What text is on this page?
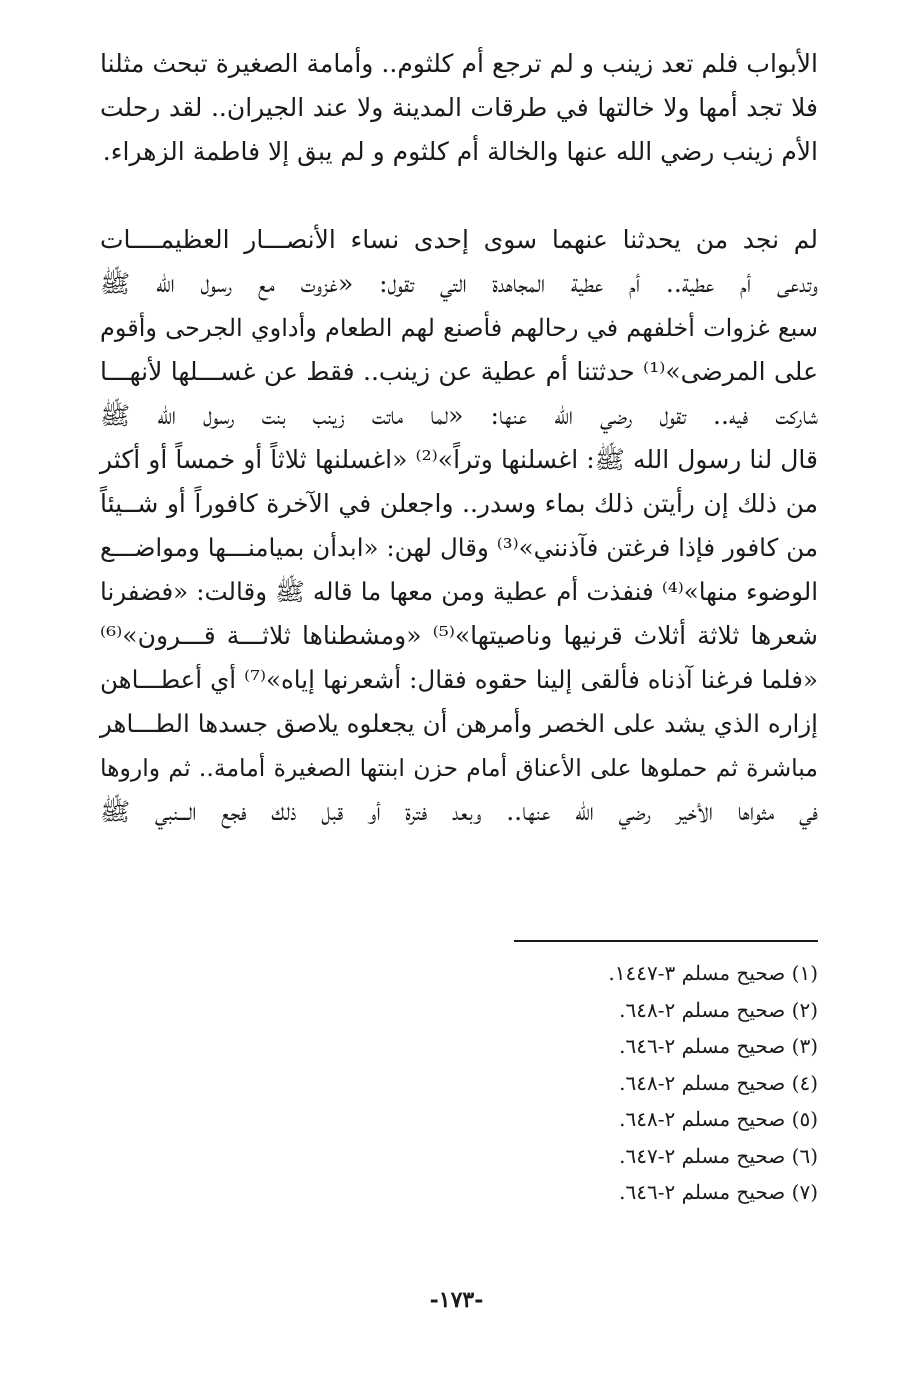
الأبواب فلم تعد زينب و لم ترجع أم كلثوم.. وأمامة الصغيرة تبحث مثلنا
فلا تجد أمها ولا خالتها في طرقات المدينة ولا عند الجيران.. لقد رحلت
الأم زينب رضي الله عنها والخالة أم كلثوم و لم يبق إلا فاطمة الزهراء.
لم نجد من يحدثنا عنهما سوى إحدى نساء الأنصـــار العظيمــــات
وتدعى أم عطية.. أم عطية المجاهدة التي تقول: «غزوت مع رسول الله ﷺ
سبع غزوات أخلفهم في رحالهم فأصنع لهم الطعام وأداوي الجرحى وأقوم
على المرضى»⁽¹⁾ حدثتنا أم عطية عن زينب.. فقط عن غســـلها لأنهـــا
شاركت فيه.. تقول رضي الله عنها: «لما ماتت زينب بنت رسول الله ﷺ
قال لنا رسول الله ﷺ: اغسلنها وتراً»⁽²⁾ «اغسلنها ثلاثاً أو خمساً أو أكثر
من ذلك إن رأيتن ذلك بماء وسدر.. واجعلن في الآخرة كافوراً أو شــيئاً
من كافور فإذا فرغتن فآذنني»⁽³⁾ وقال لهن: «ابدأن بميامنـــها ومواضـــع
الوضوء منها»⁽⁴⁾ فنفذت أم عطية ومن معها ما قاله ﷺ وقالت: «فضفرنا
شعرها ثلاثة أثلاث قرنيها وناصيتها»⁽⁵⁾ «ومشطناها ثلاثـــة قـــرون»⁽⁶⁾
«فلما فرغنا آذناه فألقى إلينا حقوه فقال: أشعرنها إياه»⁽⁷⁾ أي أعطـــاهن
إزاره الذي يشد على الخصر وأمرهن أن يجعلوه يلاصق جسدها الطـــاهر
مباشرة ثم حملوها على الأعناق أمام حزن ابنتها الصغيرة أمامة.. ثم واروها
في مثواها الأخير رضي الله عنها.. وبعد فترة أو قبل ذلك فجع الـــنبي ﷺ
(١) صحيح مسلم ٣-١٤٤٧.
(٢) صحيح مسلم ٢-٦٤٨.
(٣) صحيح مسلم ٢-٦٤٦.
(٤) صحيح مسلم ٢-٦٤٨.
(٥) صحيح مسلم ٢-٦٤٨.
(٦) صحيح مسلم ٢-٦٤٧.
(٧) صحيح مسلم ٢-٦٤٦.
-١٧٣-
